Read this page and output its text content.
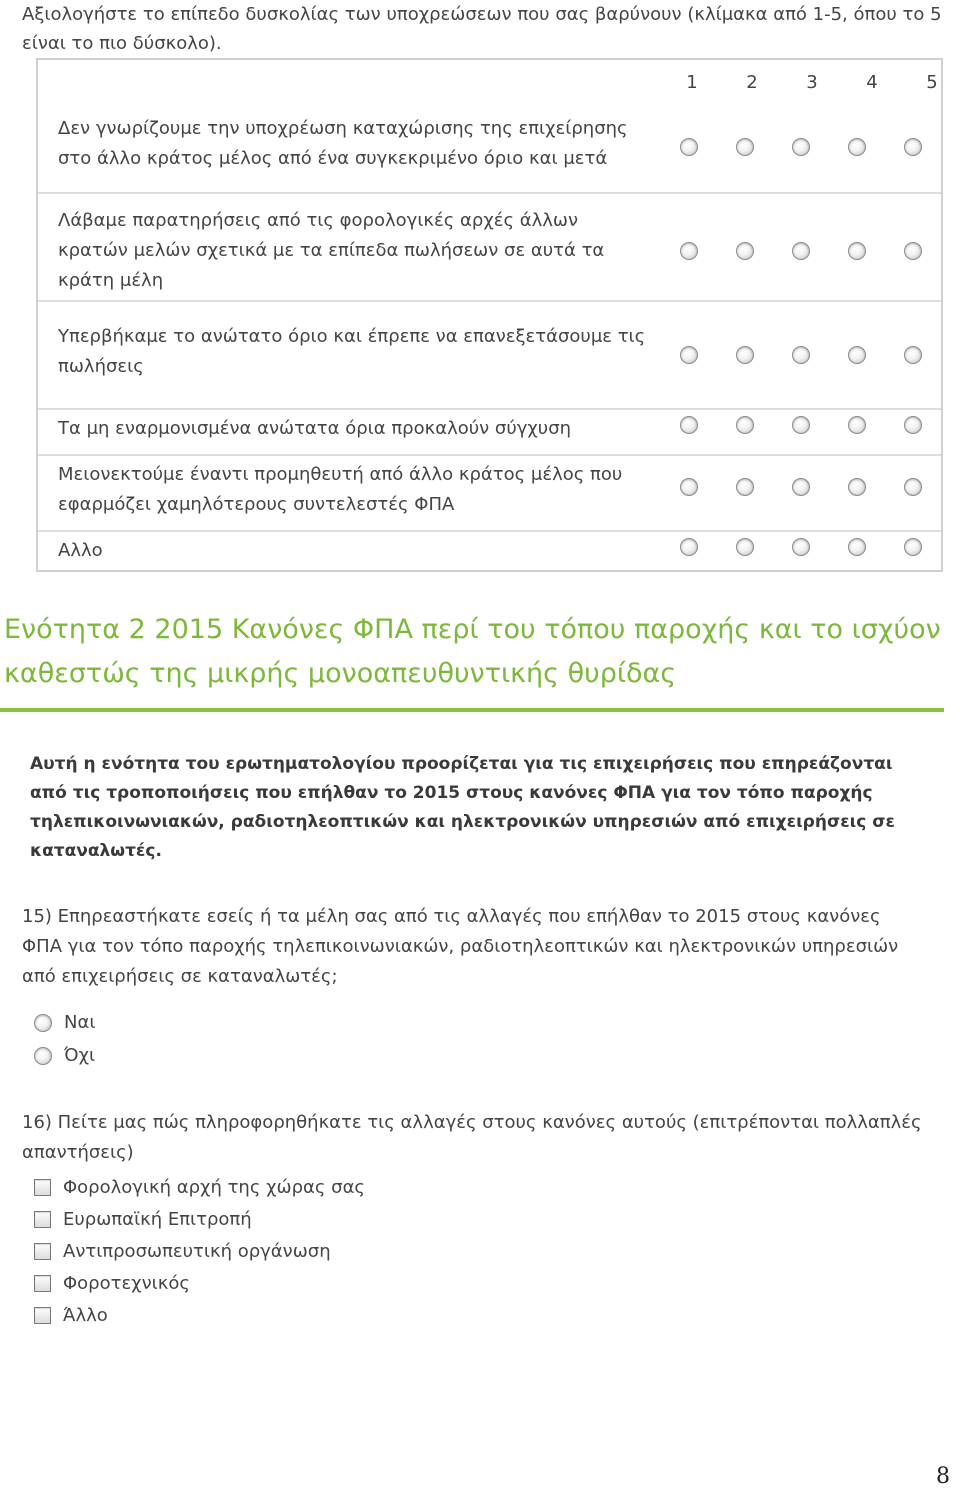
Αξιολογήστε το επίπεδο δυσκολίας των υποχρεώσεων που σας βαρύνουν (κλίμακα από 1-5, όπου το 5 είναι το πιο δύσκολο).
1	2	3	4	5
Δεν γνωρίζουμε την υποχρέωση καταχώρισης της επιχείρησης στο άλλο κράτος μέλος από ένα συγκεκριμένο όριο και μετά
Λάβαμε παρατηρήσεις από τις φορολογικές αρχές άλλων κρατών μελών σχετικά με τα επίπεδα πωλήσεων σε αυτά τα κράτη μέλη
Υπερβήκαμε το ανώτατο όριο και έπρεπε να επανεξετάσουμε τις πωλήσεις
Τα μη εναρμονισμένα ανώτατα όρια προκαλούν σύγχυση
Μειονεκτούμε έναντι προμηθευτή από άλλο κράτος μέλος που εφαρμόζει χαμηλότερους συντελεστές ΦΠΑ
Αλλο
Ενότητα 2 2015 Κανόνες ΦΠΑ περί του τόπου παροχής και το ισχύον καθεστώς της μικρής μονοαπευθυντικής θυρίδας
Αυτή η ενότητα του ερωτηματολογίου προορίζεται για τις επιχειρήσεις που επηρεάζονται από τις τροποποιήσεις που επήλθαν το 2015 στους κανόνες ΦΠΑ για τον τόπο παροχής τηλεπικοινωνιακών, ραδιοτηλεοπτικών και ηλεκτρονικών υπηρεσιών από επιχειρήσεις σε καταναλωτές.
15) Επηρεαστήκατε εσείς ή τα μέλη σας από τις αλλαγές που επήλθαν το 2015 στους κανόνες ΦΠΑ για τον τόπο παροχής τηλεπικοινωνιακών, ραδιοτηλεοπτικών και ηλεκτρονικών υπηρεσιών από επιχειρήσεις σε καταναλωτές;
Ναι
Όχι
16) Πείτε μας πώς πληροφορηθήκατε τις αλλαγές στους κανόνες αυτούς (επιτρέπονται πολλαπλές απαντήσεις)
Φορολογική αρχή της χώρας σας
Ευρωπαϊκή Επιτροπή
Αντιπροσωπευτική οργάνωση
Φοροτεχνικός
Άλλο
8
